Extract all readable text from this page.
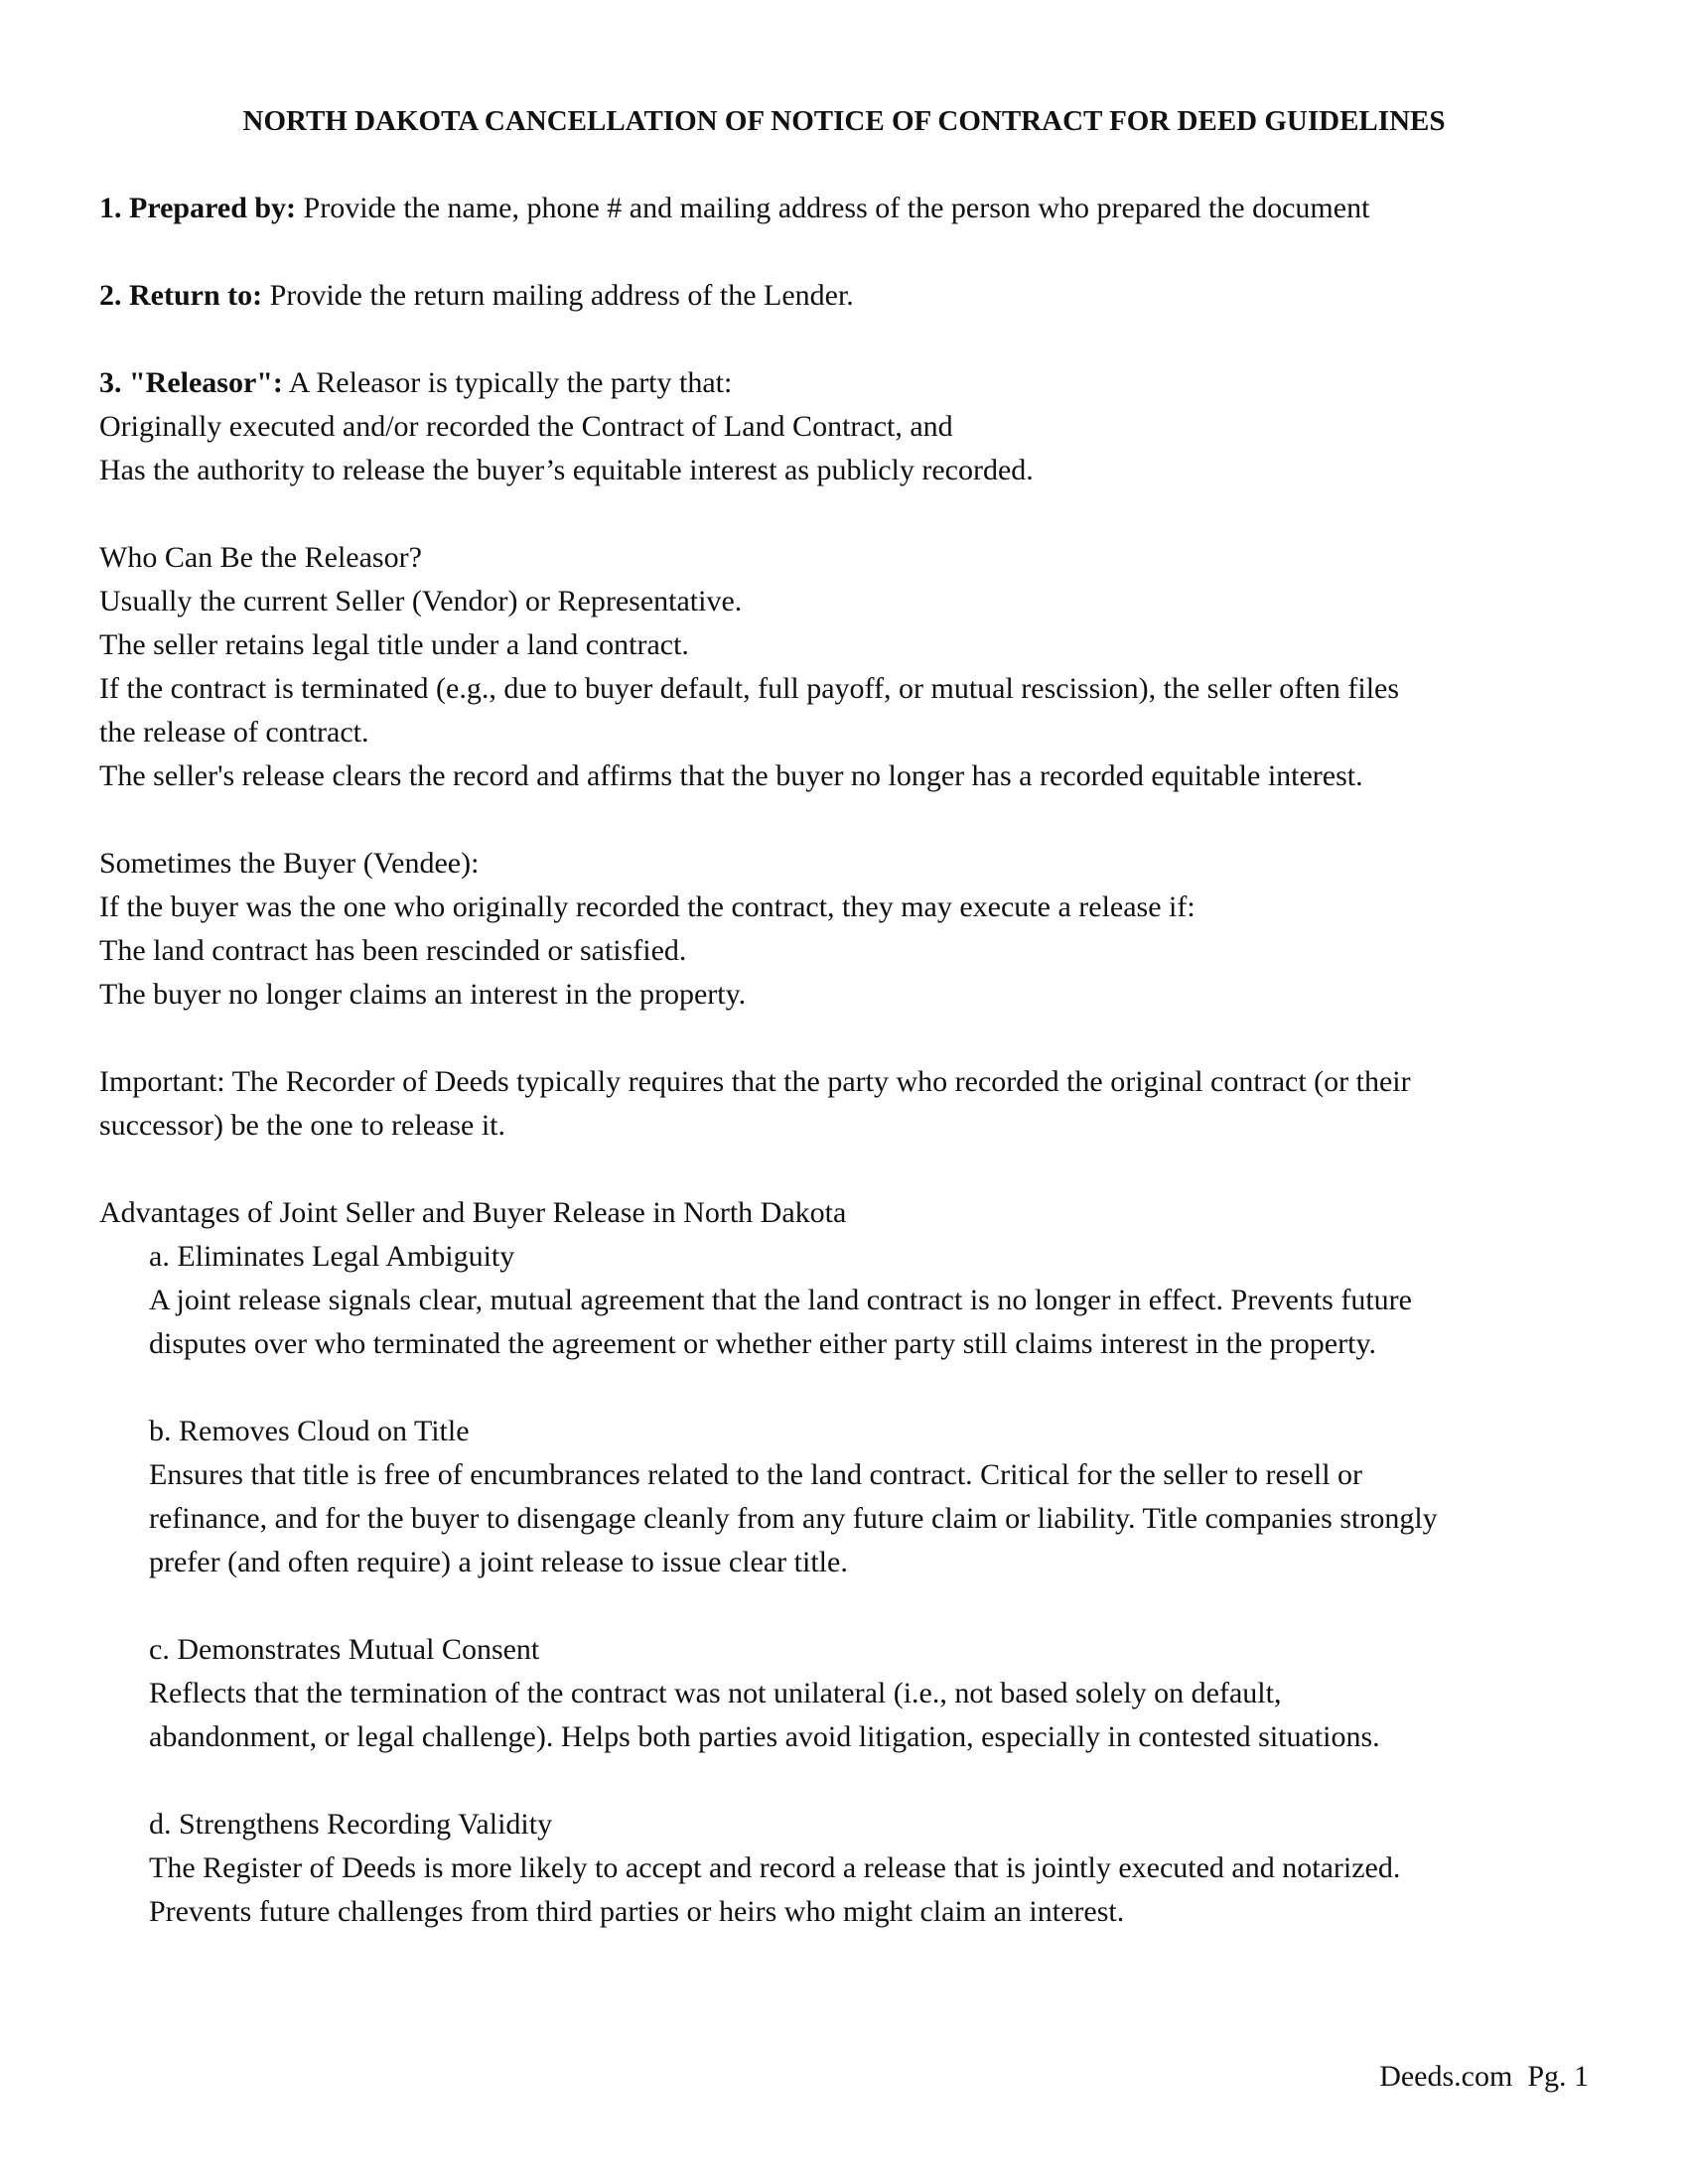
NORTH DAKOTA CANCELLATION OF NOTICE OF CONTRACT FOR DEED GUIDELINES

1. Prepared by: Provide the name, phone # and mailing address of the person who prepared the document

2. Return to: Provide the return mailing address of the Lender.

3. "Releasor": A Releasor is typically the party that:

Originally executed and/or recorded the Contract of Land Contract, and

Has the authority to release the buyer’s equitable interest as publicly recorded.

Who Can Be the Releasor?

Usually the current Seller (Vendor) or Representative.

The seller retains legal title under a land contract.

If the contract is terminated (e.g., due to buyer default, full payoff, or mutual rescission), the seller often files

the release of contract.

The seller's release clears the record and affirms that the buyer no longer has a recorded equitable interest.

Sometimes the Buyer (Vendee):

If the buyer was the one who originally recorded the contract, they may execute a release if:

The land contract has been rescinded or satisfied.

The buyer no longer claims an interest in the property.

Important: The Recorder of Deeds typically requires that the party who recorded the original contract (or their

successor) be the one to release it.

Advantages of Joint Seller and Buyer Release in North Dakota

a. Eliminates Legal Ambiguity

A joint release signals clear, mutual agreement that the land contract is no longer in effect. Prevents future

disputes over who terminated the agreement or whether either party still claims interest in the property.

b. Removes Cloud on Title

Ensures that title is free of encumbrances related to the land contract. Critical for the seller to resell or

refinance, and for the buyer to disengage cleanly from any future claim or liability. Title companies strongly

prefer (and often require) a joint release to issue clear title.

c. Demonstrates Mutual Consent

Reflects that the termination of the contract was not unilateral (i.e., not based solely on default,

abandonment, or legal challenge). Helps both parties avoid litigation, especially in contested situations.

d. Strengthens Recording Validity

The Register of Deeds is more likely to accept and record a release that is jointly executed and notarized.

Prevents future challenges from third parties or heirs who might claim an interest.

Deeds.com Pg. 1
